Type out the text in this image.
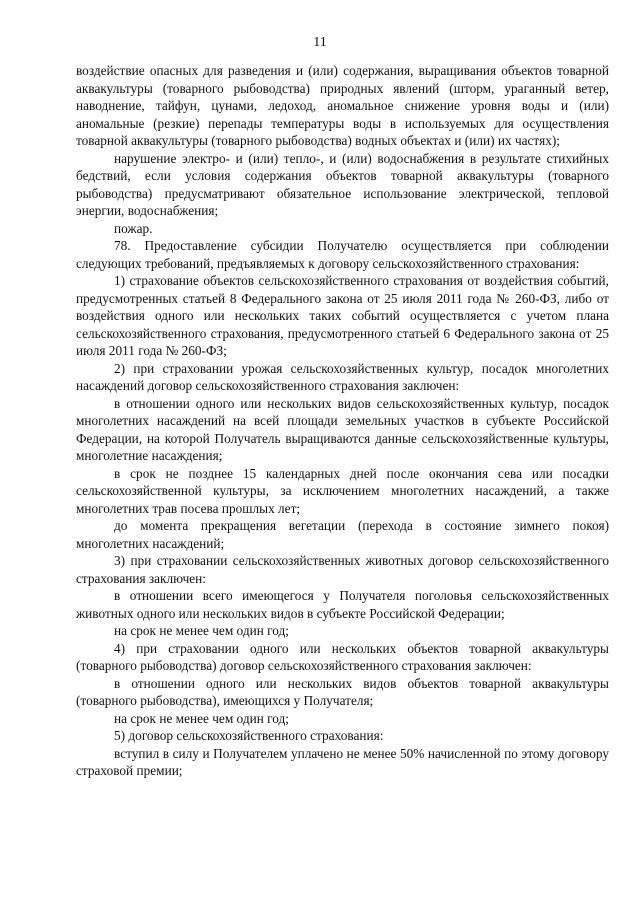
11

воздействие опасных для разведения и (или) содержания, выращивания объектов товарной аквакультуры (товарного рыбоводства) природных явлений (шторм, ураганный ветер, наводнение, тайфун, цунами, ледоход, аномальное снижение уровня воды и (или) аномальные (резкие) перепады температуры воды в используемых для осуществления товарной аквакультуры (товарного рыбоводства) водных объектах и (или) их частях);

нарушение электро- и (или) тепло-, и (или) водоснабжения в результате стихийных бедствий, если условия содержания объектов товарной аквакультуры (товарного рыбоводства) предусматривают обязательное использование электрической, тепловой энергии, водоснабжения;

пожар.

78. Предоставление субсидии Получателю осуществляется при соблюдении следующих требований, предъявляемых к договору сельскохозяйственного страхования:

1) страхование объектов сельскохозяйственного страхования от воздействия событий, предусмотренных статьей 8 Федерального закона от 25 июля 2011 года № 260-ФЗ, либо от воздействия одного или нескольких таких событий осуществляется с учетом плана сельскохозяйственного страхования, предусмотренного статьей 6 Федерального закона от 25 июля 2011 года № 260-ФЗ;

2) при страховании урожая сельскохозяйственных культур, посадок многолетних насаждений договор сельскохозяйственного страхования заключен:

в отношении одного или нескольких видов сельскохозяйственных культур, посадок многолетних насаждений на всей площади земельных участков в субъекте Российской Федерации, на которой Получатель выращиваются данные сельскохозяйственные культуры, многолетние насаждения;

в срок не позднее 15 календарных дней после окончания сева или посадки сельскохозяйственной культуры, за исключением многолетних насаждений, а также многолетних трав посева прошлых лет;

до момента прекращения вегетации (перехода в состояние зимнего покоя) многолетних насаждений;

3) при страховании сельскохозяйственных животных договор сельскохозяйственного страхования заключен:

в отношении всего имеющегося у Получателя поголовья сельскохозяйственных животных одного или нескольких видов в субъекте Российской Федерации;

на срок не менее чем один год;

4) при страховании одного или нескольких объектов товарной аквакультуры (товарного рыбоводства) договор сельскохозяйственного страхования заключен:

в отношении одного или нескольких видов объектов товарной аквакультуры (товарного рыбоводства), имеющихся у Получателя;

на срок не менее чем один год;

5) договор сельскохозяйственного страхования:

вступил в силу и Получателем уплачено не менее 50% начисленной по этому договору страховой премии;
